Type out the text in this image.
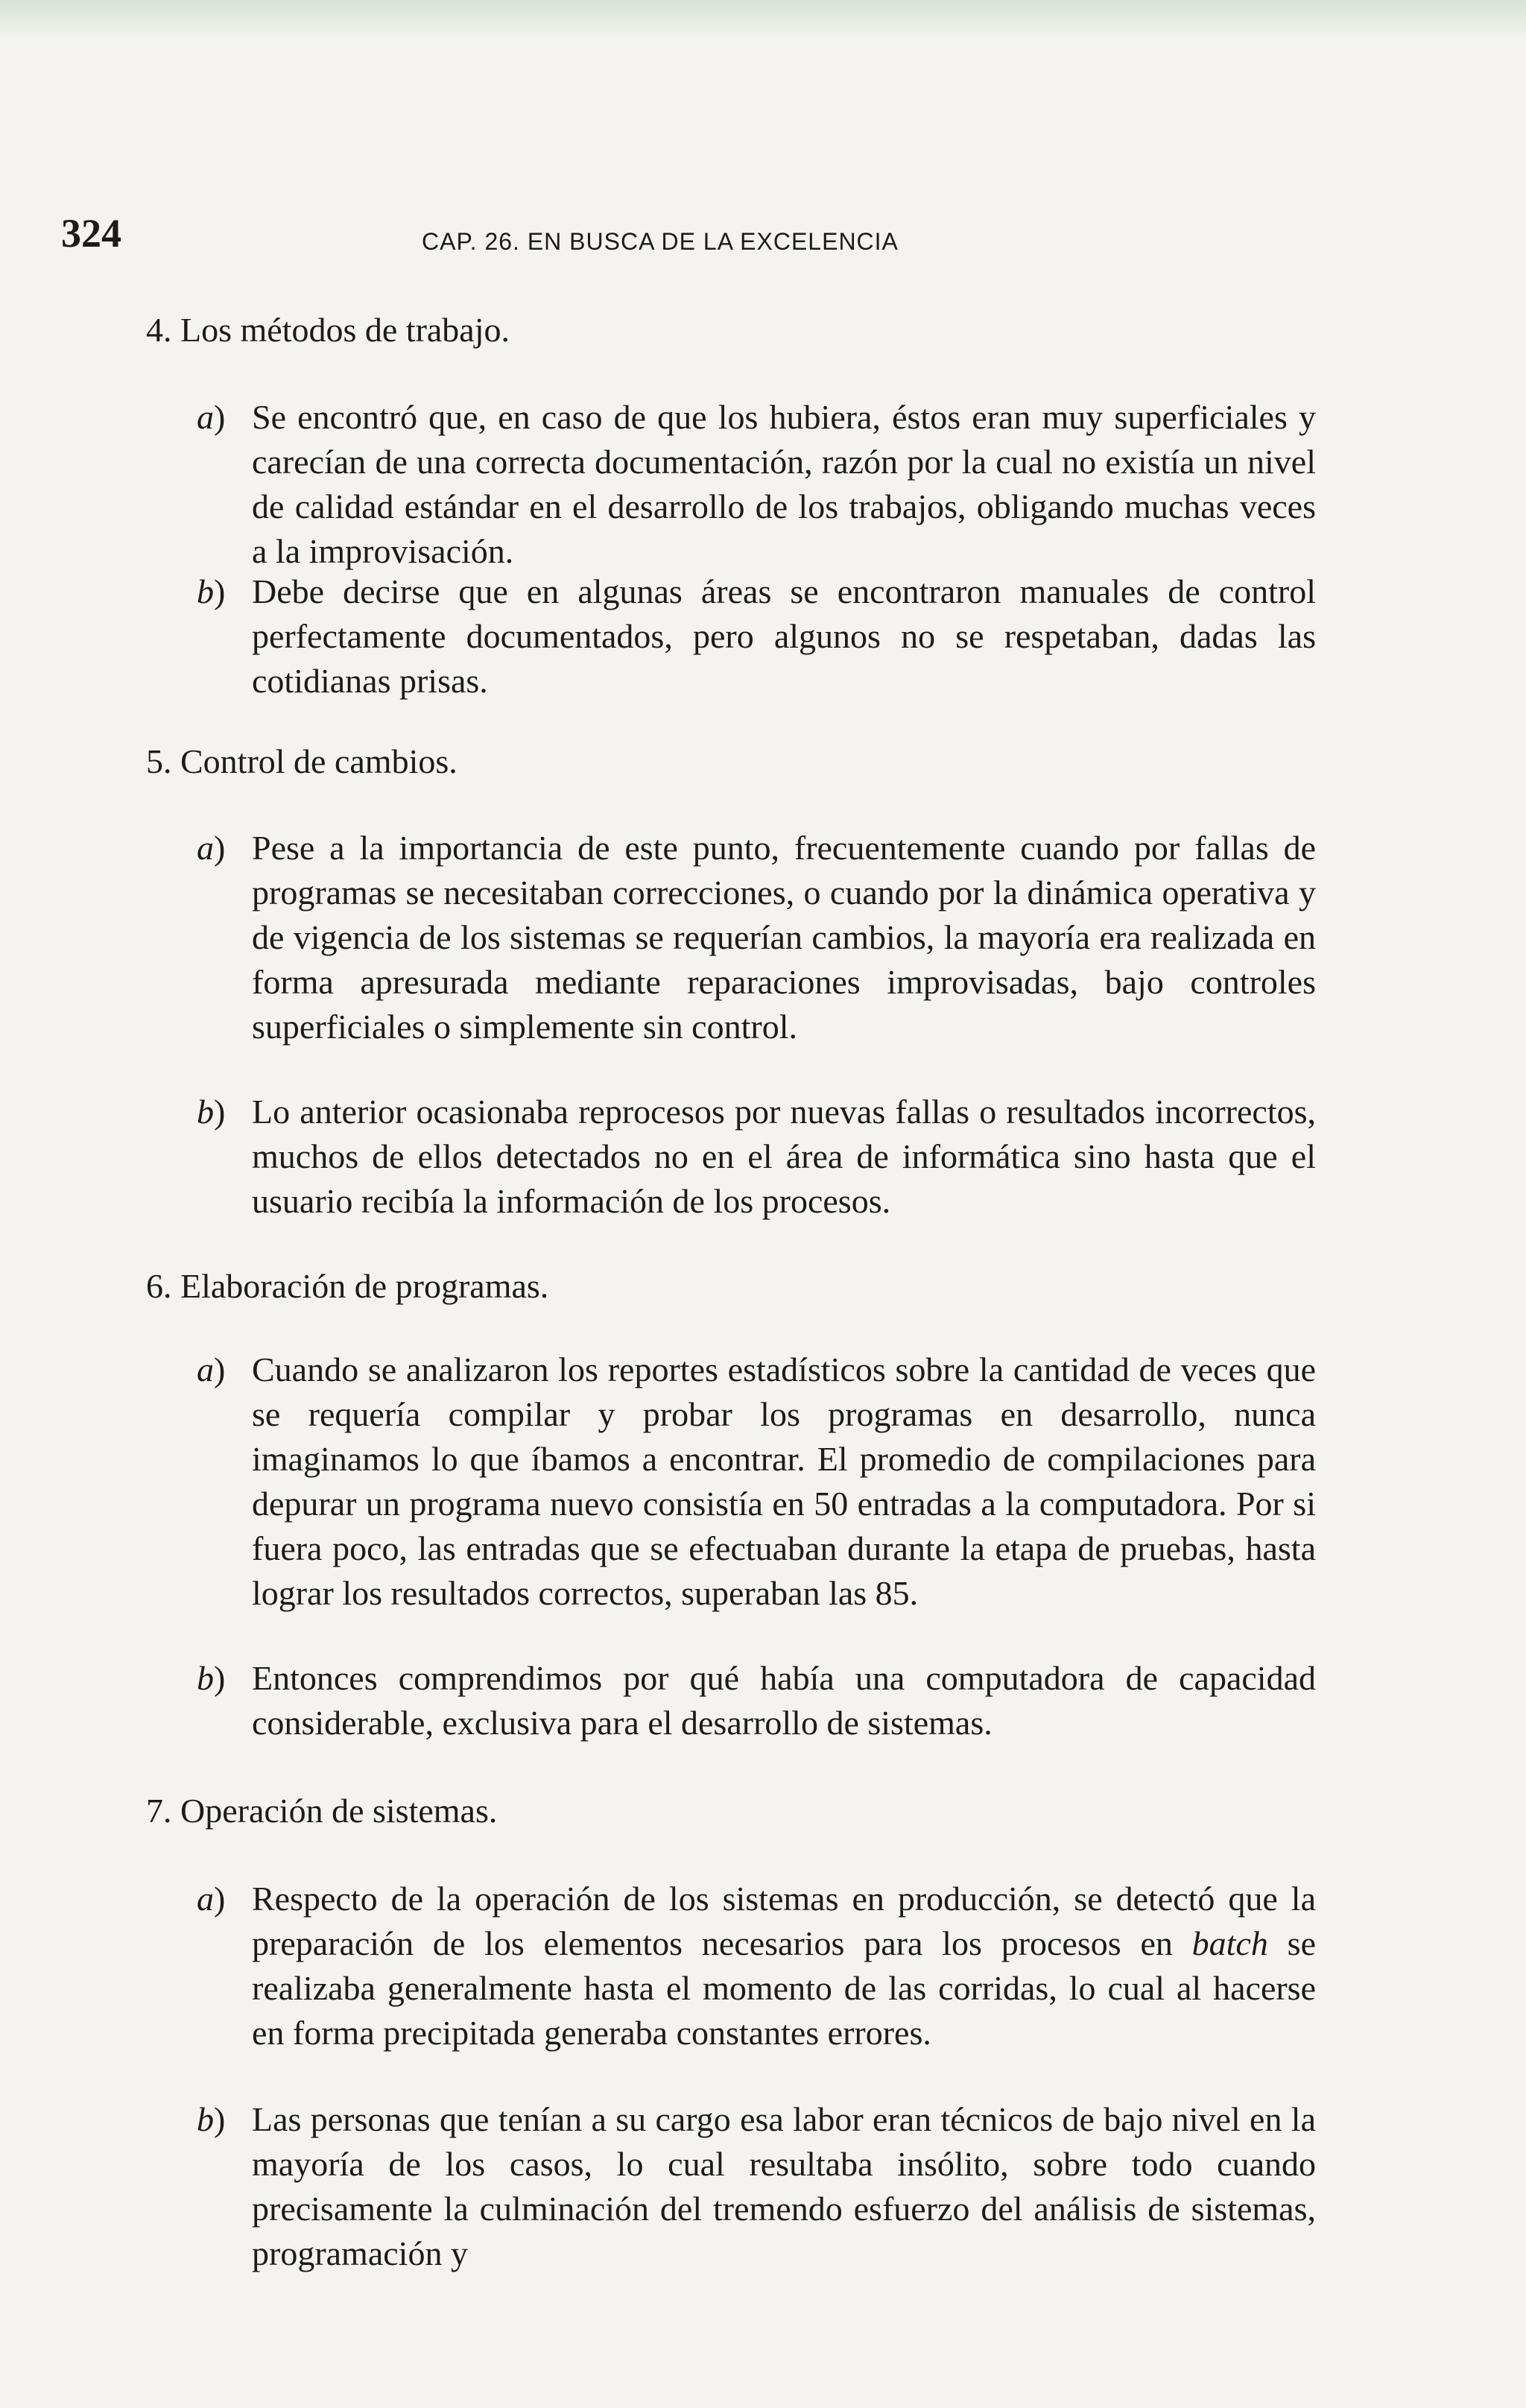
324	CAP. 26. EN BUSCA DE LA EXCELENCIA
4. Los métodos de trabajo.
a) Se encontró que, en caso de que los hubiera, éstos eran muy superficiales y carecían de una correcta documentación, razón por la cual no existía un nivel de calidad estándar en el desarrollo de los trabajos, obligando muchas veces a la improvisación.
b) Debe decirse que en algunas áreas se encontraron manuales de control perfectamente documentados, pero algunos no se respetaban, dadas las cotidianas prisas.
5. Control de cambios.
a) Pese a la importancia de este punto, frecuentemente cuando por fallas de programas se necesitaban correcciones, o cuando por la dinámica operativa y de vigencia de los sistemas se requerían cambios, la mayoría era realizada en forma apresurada mediante reparaciones improvisadas, bajo controles superficiales o simplemente sin control.
b) Lo anterior ocasionaba reprocesos por nuevas fallas o resultados incorrectos, muchos de ellos detectados no en el área de informática sino hasta que el usuario recibía la información de los procesos.
6. Elaboración de programas.
a) Cuando se analizaron los reportes estadísticos sobre la cantidad de veces que se requería compilar y probar los programas en desarrollo, nunca imaginamos lo que íbamos a encontrar. El promedio de compilaciones para depurar un programa nuevo consistía en 50 entradas a la computadora. Por si fuera poco, las entradas que se efectuaban durante la etapa de pruebas, hasta lograr los resultados correctos, superaban las 85.
b) Entonces comprendimos por qué había una computadora de capacidad considerable, exclusiva para el desarrollo de sistemas.
7. Operación de sistemas.
a) Respecto de la operación de los sistemas en producción, se detectó que la preparación de los elementos necesarios para los procesos en batch se realizaba generalmente hasta el momento de las corridas, lo cual al hacerse en forma precipitada generaba constantes errores.
b) Las personas que tenían a su cargo esa labor eran técnicos de bajo nivel en la mayoría de los casos, lo cual resultaba insólito, sobre todo cuando precisamente la culminación del tremendo esfuerzo del análisis de sistemas, programación y
